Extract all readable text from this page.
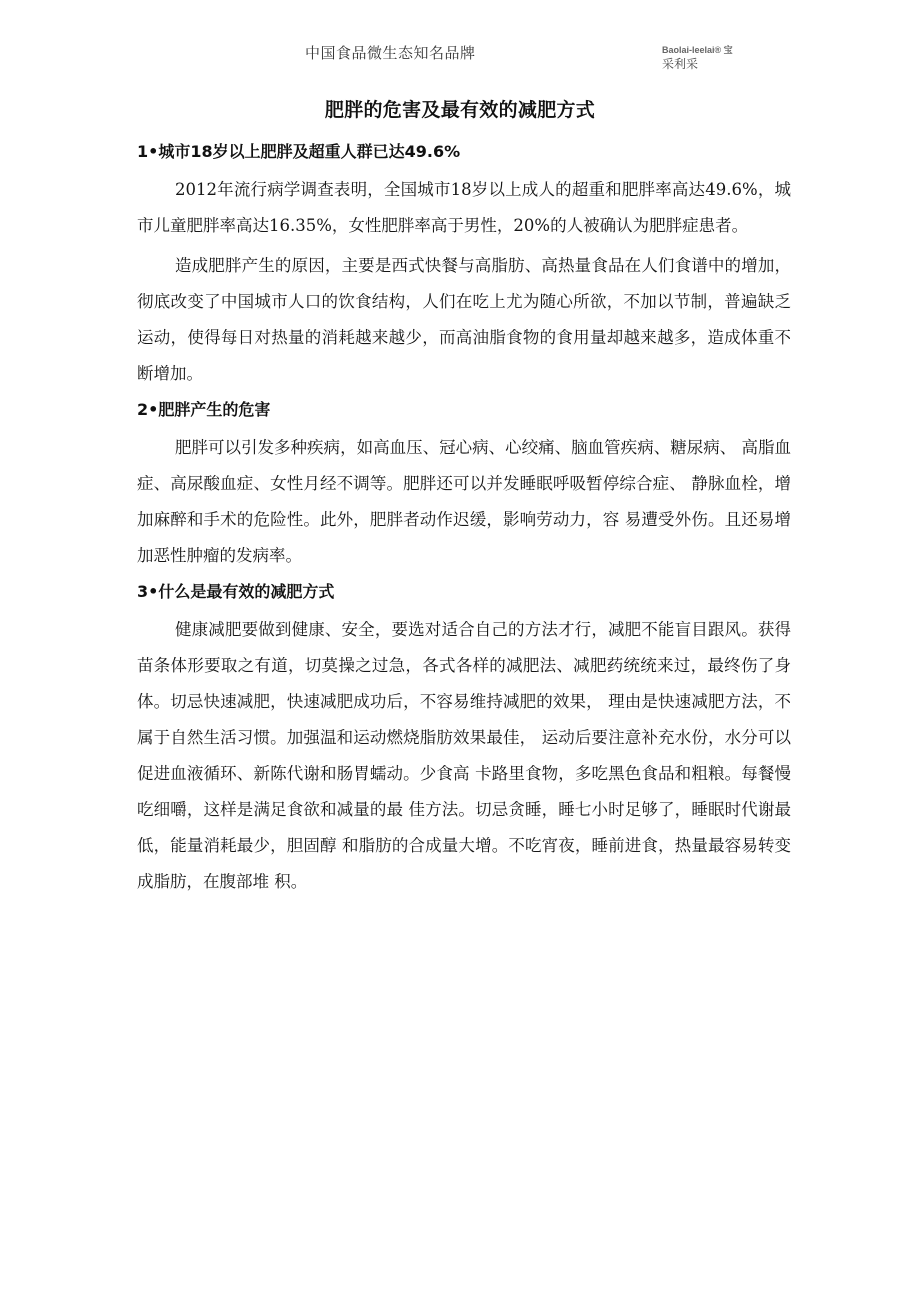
中国食品微生态知名品牌	Baolai-leelai® 宝
采利采
肥胖的危害及最有效的减肥方式
1•城市18岁以上肥胖及超重人群已达49.6%

2012年流行病学调查表明，全国城市18岁以上成人的超重和肥胖率高达49.6%，城市儿童肥胖率高达16.35%，女性肥胖率高于男性，20%的人被确认为肥胖症患者。

造成肥胖产生的原因，主要是西式快餐与高脂肪、高热量食品在人们食谱中的增加，彻底改变了中国城市人口的饮食结构，人们在吃上尤为随心所欲，不加以节制，普遍缺乏运动，使得每日对热量的消耗越来越少，而高油脂食物的食用量却越来越多，造成体重不断增加。

2•肥胖产生的危害

肥胖可以引发多种疾病，如高血压、冠心病、心绞痛、脑血管疾病、糖尿病、 高脂血症、高尿酸血症、女性月经不调等。肥胖还可以并发睡眠呼吸暂停综合症、 静脉血栓，增加麻醉和手术的危险性。此外，肥胖者动作迟缓，影响劳动力，容 易遭受外伤。且还易增加恶性肿瘤的发病率。

3•什么是最有效的减肥方式

健康减肥要做到健康、安全，要选对适合自己的方法才行，减肥不能盲目跟风。获得苗条体形要取之有道，切莫操之过急，各式各样的减肥法、减肥药统统来过，最终伤了身体。切忌快速减肥，快速减肥成功后，不容易维持减肥的效果， 理由是快速减肥方法，不属于自然生活习惯。加强温和运动燃烧脂肪效果最佳， 运动后要注意补充水份，水分可以促进血液循环、新陈代谢和肠胃蠕动。少食高 卡路里食物，多吃黑色食品和粗粮。每餐慢吃细嚼，这样是满足食欲和减量的最 佳方法。切忌贪睡，睡七小时足够了，睡眠时代谢最低，能量消耗最少，胆固醇 和脂肪的合成量大增。不吃宵夜，睡前进食，热量最容易转变成脂肪，在腹部堆 积。
